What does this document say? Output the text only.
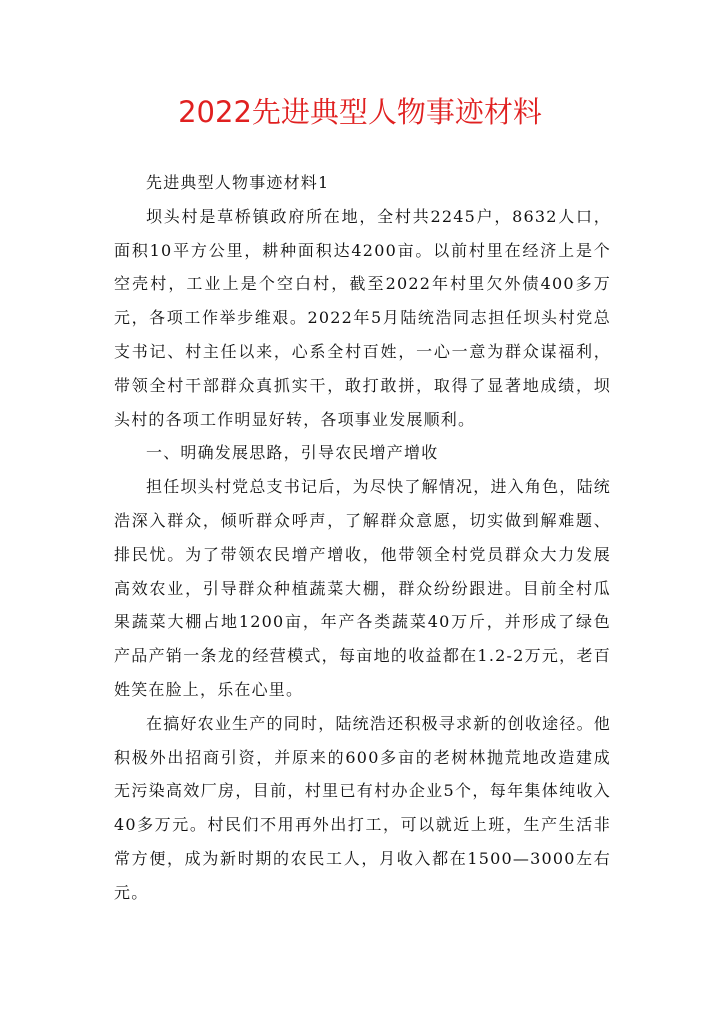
2022先进典型人物事迹材料

先进典型人物事迹材料1

坝头村是草桥镇政府所在地，全村共2245户，8632人口，面积10平方公里，耕种面积达4200亩。以前村里在经济上是个空壳村，工业上是个空白村，截至2022年村里欠外债400多万元，各项工作举步维艰。2022年5月陆统浩同志担任坝头村党总支书记、村主任以来，心系全村百姓，一心一意为群众谋福利，带领全村干部群众真抓实干，敢打敢拼，取得了显著地成绩，坝头村的各项工作明显好转，各项事业发展顺利。

一、明确发展思路，引导农民增产增收

担任坝头村党总支书记后，为尽快了解情况，进入角色，陆统浩深入群众，倾听群众呼声，了解群众意愿，切实做到解难题、排民忧。为了带领农民增产增收，他带领全村党员群众大力发展高效农业，引导群众种植蔬菜大棚，群众纷纷跟进。目前全村瓜果蔬菜大棚占地1200亩，年产各类蔬菜40万斤，并形成了绿色产品产销一条龙的经营模式，每亩地的收益都在1.2-2万元，老百姓笑在脸上，乐在心里。

在搞好农业生产的同时，陆统浩还积极寻求新的创收途径。他积极外出招商引资，并原来的600多亩的老树林抛荒地改造建成无污染高效厂房，目前，村里已有村办企业5个，每年集体纯收入40多万元。村民们不用再外出打工，可以就近上班，生产生活非常方便，成为新时期的农民工人，月收入都在1500—3000左右元。
